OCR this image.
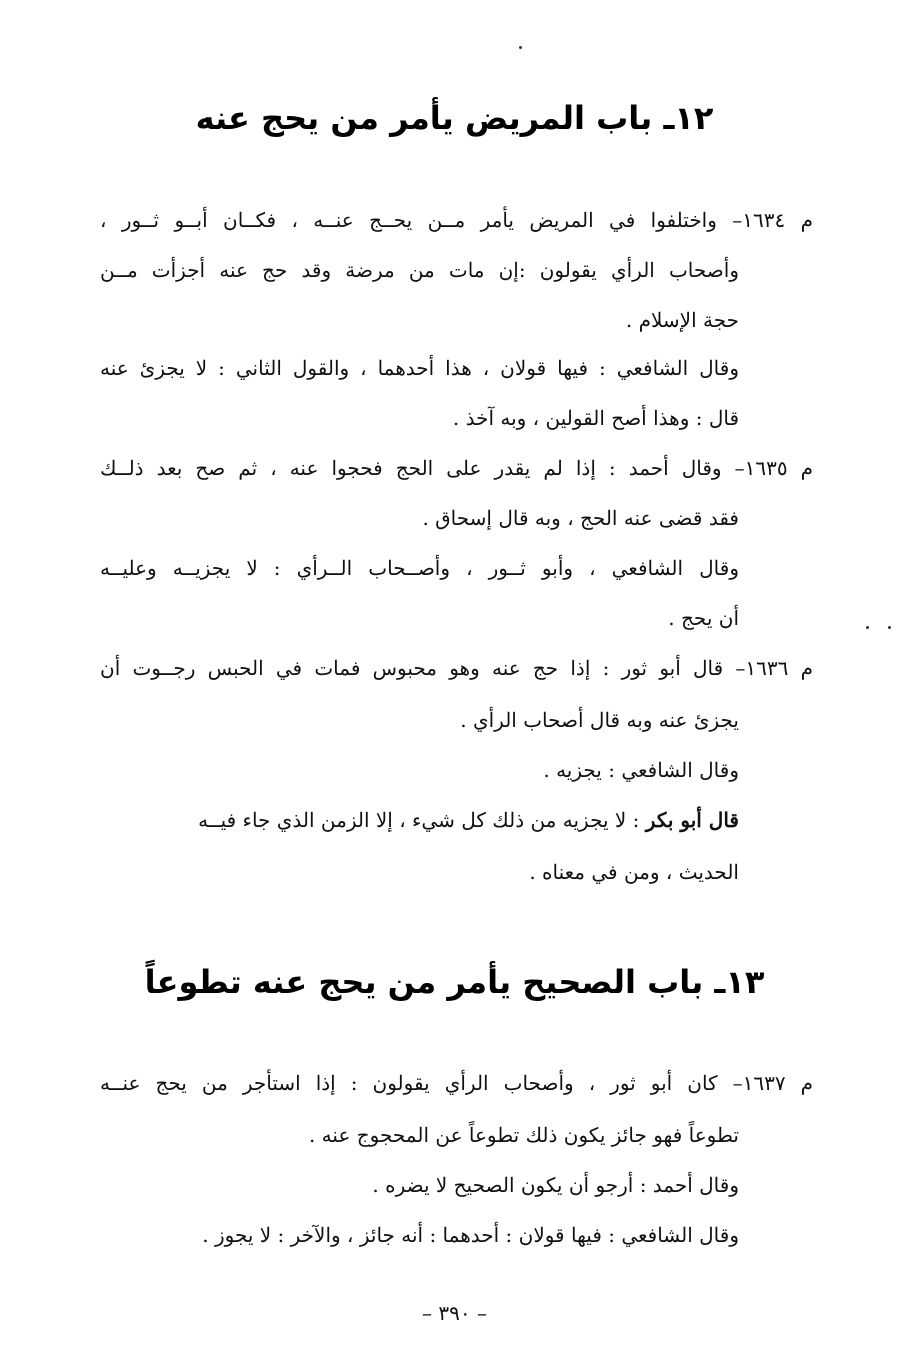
١٢ـ باب المريض يأمر من يحج عنه
م ١٦٣٤– واختلفوا في المريض يأمر مــن يحــج عنــه ، فكــان أبــو ثــور ،
وأصحاب الرأي يقولون :إن مات من مرضة وقد حج عنه أجزأت مــن
حجة الإسلام .
وقال الشافعي : فيها قولان ، هذا أحدهما ، والقول الثاني : لا يجزئ عنه
قال : وهذا أصح القولين ، وبه آخذ .
م ١٦٣٥– وقال أحمد : إذا لم يقدر على الحج فحجوا عنه ، ثم صح بعد ذلــك
فقد قضى عنه الحج ، وبه قال إسحاق .
وقال الشافعي ، وأبو ثــور ، وأصــحاب الــرأي : لا يجزيــه وعليــه
أن يحج .
م ١٦٣٦– قال أبو ثور : إذا حج عنه وهو محبوس فمات في الحبس رجــوت أن
يجزئ عنه وبه قال أصحاب الرأي .
وقال الشافعي : يجزيه .
قال أبو بكر : لا يجزيه من ذلك كل شيء ، إلا الزمن الذي جاء فيــه
الحديث ، ومن في معناه .
١٣ـ باب الصحيح يأمر من يحج عنه تطوعاً
م ١٦٣٧– كان أبو ثور ، وأصحاب الرأي يقولون : إذا استأجر من يحج عنــه
تطوعاً فهو جائز يكون ذلك تطوعاً عن المحجوج عنه .
وقال أحمد : أرجو أن يكون الصحيح لا يضره .
وقال الشافعي : فيها قولان : أحدهما : أنه جائز ، والآخر : لا يجوز .
– ٣٩٠ –
